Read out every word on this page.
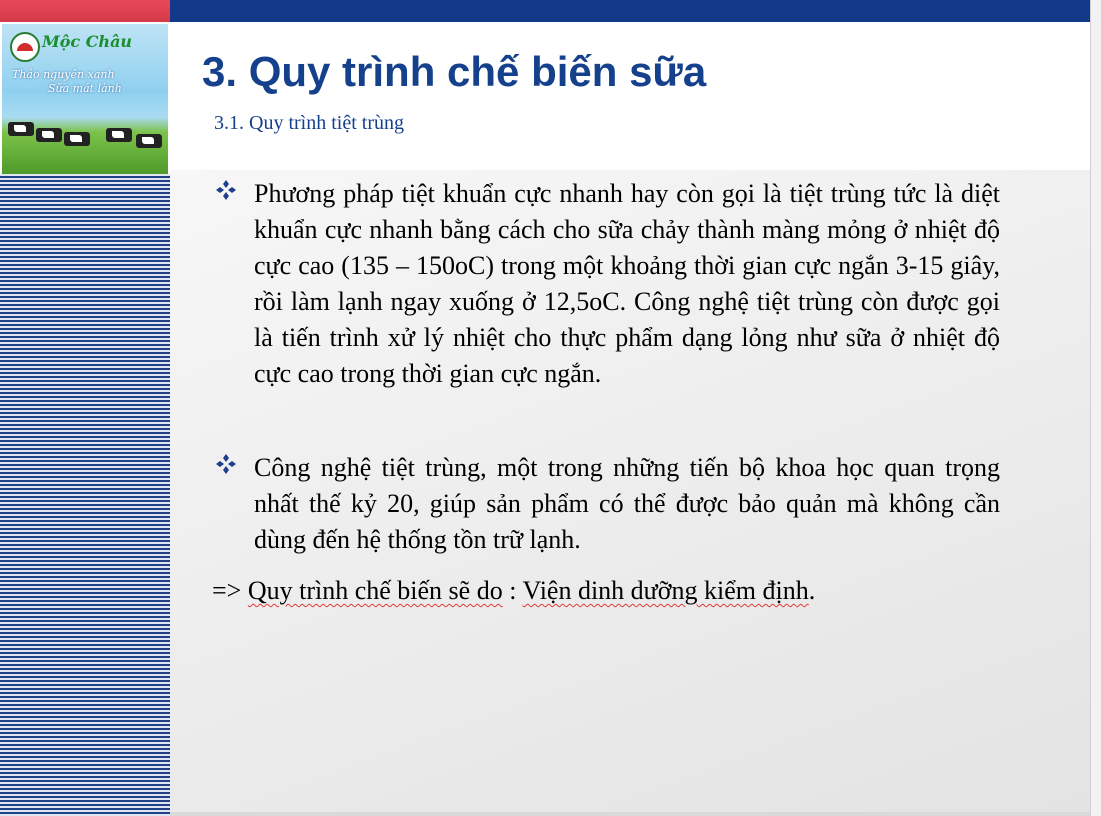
Mộc Châu
Thảo nguyên xanh
Sữa mát lành	3. Quy trình chế biến sữa
3.1. Quy trình tiệt trùng

Phương pháp tiệt khuẩn cực nhanh hay còn gọi là tiệt trùng tức là diệt khuẩn cực nhanh bằng cách cho sữa chảy thành màng mỏng ở nhiệt độ cực cao (135 – 150oC) trong một khoảng thời gian cực ngắn 3-15 giây, rồi làm lạnh ngay xuống ở 12,5oC. Công nghệ tiệt trùng còn được gọi là tiến trình xử lý nhiệt cho thực phẩm dạng lỏng như sữa ở nhiệt độ cực cao trong thời gian cực ngắn.

Công nghệ tiệt trùng, một trong những tiến bộ khoa học quan trọng nhất thế kỷ 20, giúp sản phẩm có thể được bảo quản mà không cần dùng đến hệ thống tồn trữ lạnh.

=> Quy trình chế biến sẽ do : Viện dinh dưỡng kiểm định.
